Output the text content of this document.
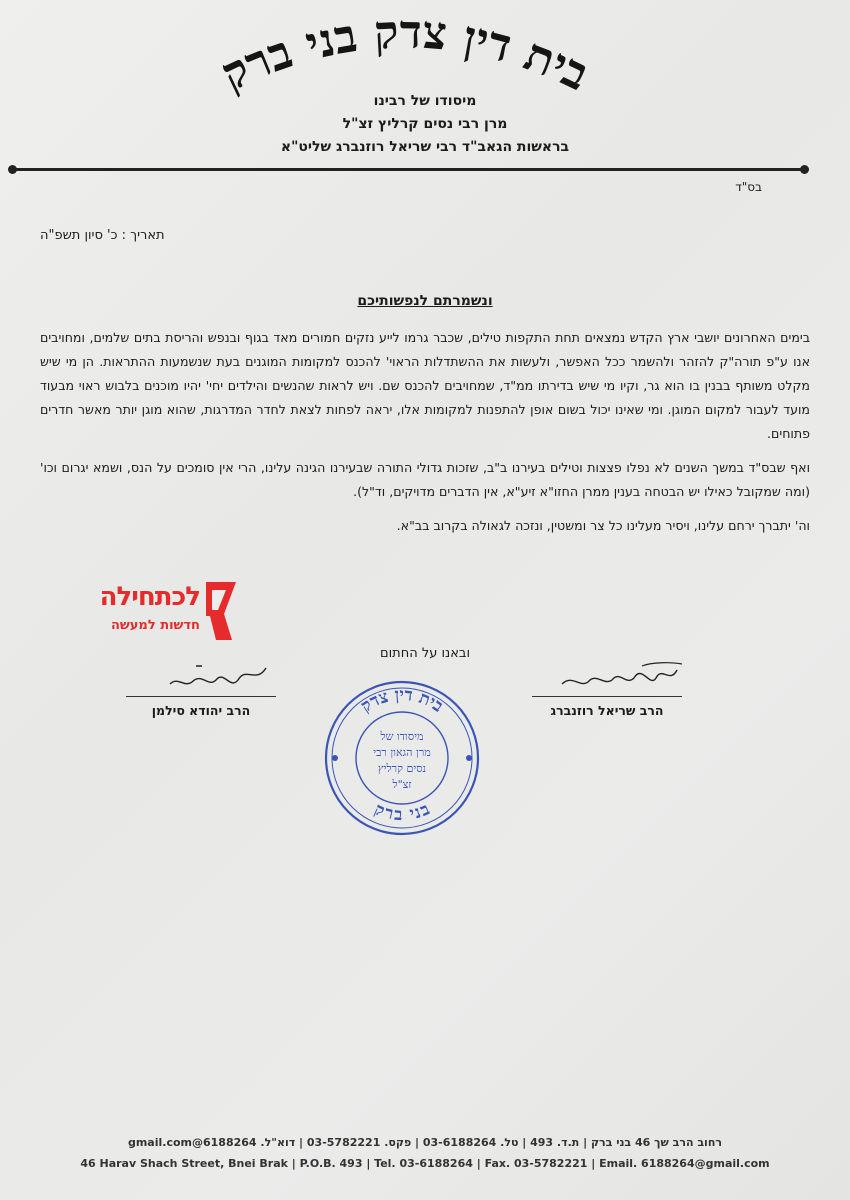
בית דין צדק בני ברק
מיסודו של רבינו
מרן רבי נסים קרליץ זצ"ל
בראשות הגאב"ד רבי שריאל רוזנברג שליט"א
בס"ד
תאריך : כ' סיון תשפ"ה
ונשמרתם לנפשותיכם

בימים האחרונים יושבי ארץ הקדש נמצאים תחת התקפות טילים, שכבר גרמו לייע נזקים חמורים מאד בגוף ובנפש והריסת בתים שלמים, ומחויבים אנו ע"פ תורה"ק להזהר ולהשמר ככל האפשר, ולעשות את ההשתדלות הראוי' להכנס למקומות המוגנים בעת שנשמעות ההתראות. הן מי שיש מקלט משותף בבנין בו הוא גר, וקיו מי שיש בדירתו ממ"ד, שמחויבים להכנס שם. ויש לראות שהנשים והילדים יחי' יהיו מוכנים בלבוש ראוי מבעוד מועד לעבור למקום המוגן. ומי שאינו יכול בשום אופן להתפנות למקומות אלו, יראה לפחות לצאת לחדר המדרגות, שהוא מוגן יותר מאשר חדרים פתוחים.

ואף שבס"ד במשך השנים לא נפלו פצצות וטילים בעירנו ב"ב, שזכות גדולי התורה שבעירנו הגינה עלינו, הרי אין סומכים על הנס, ושמא יגרום וכו' (ומה שמקובל כאילו יש הבטחה בענין ממרן החזו"א זיע"א, אין הדברים מדויקים, וד"ל).

וה' יתברך ירחם עלינו, ויסיר מעלינו כל צר ומשטין, ונזכה לגאולה בקרוב בב"א.

לכתחילה
חדשות למעשה
ובאנו על החתום
הרב יהודא סילמן	הרב שריאל רוזנברג
בית דין צדק
בני ברק
מיסודו של
מרן הגאון רבי
נסים קרליץ
זצ"ל
רחוב הרב שך 46 בני ברק | ת.ד. 493 | טל. 03-6188264 | פקס. 03-5782221 | דוא"ל. 6188264@gmail.com
46 Harav Shach Street, Bnei Brak | P.O.B. 493 | Tel. 03-6188264 | Fax. 03-5782221 | Email. 6188264@gmail.com
